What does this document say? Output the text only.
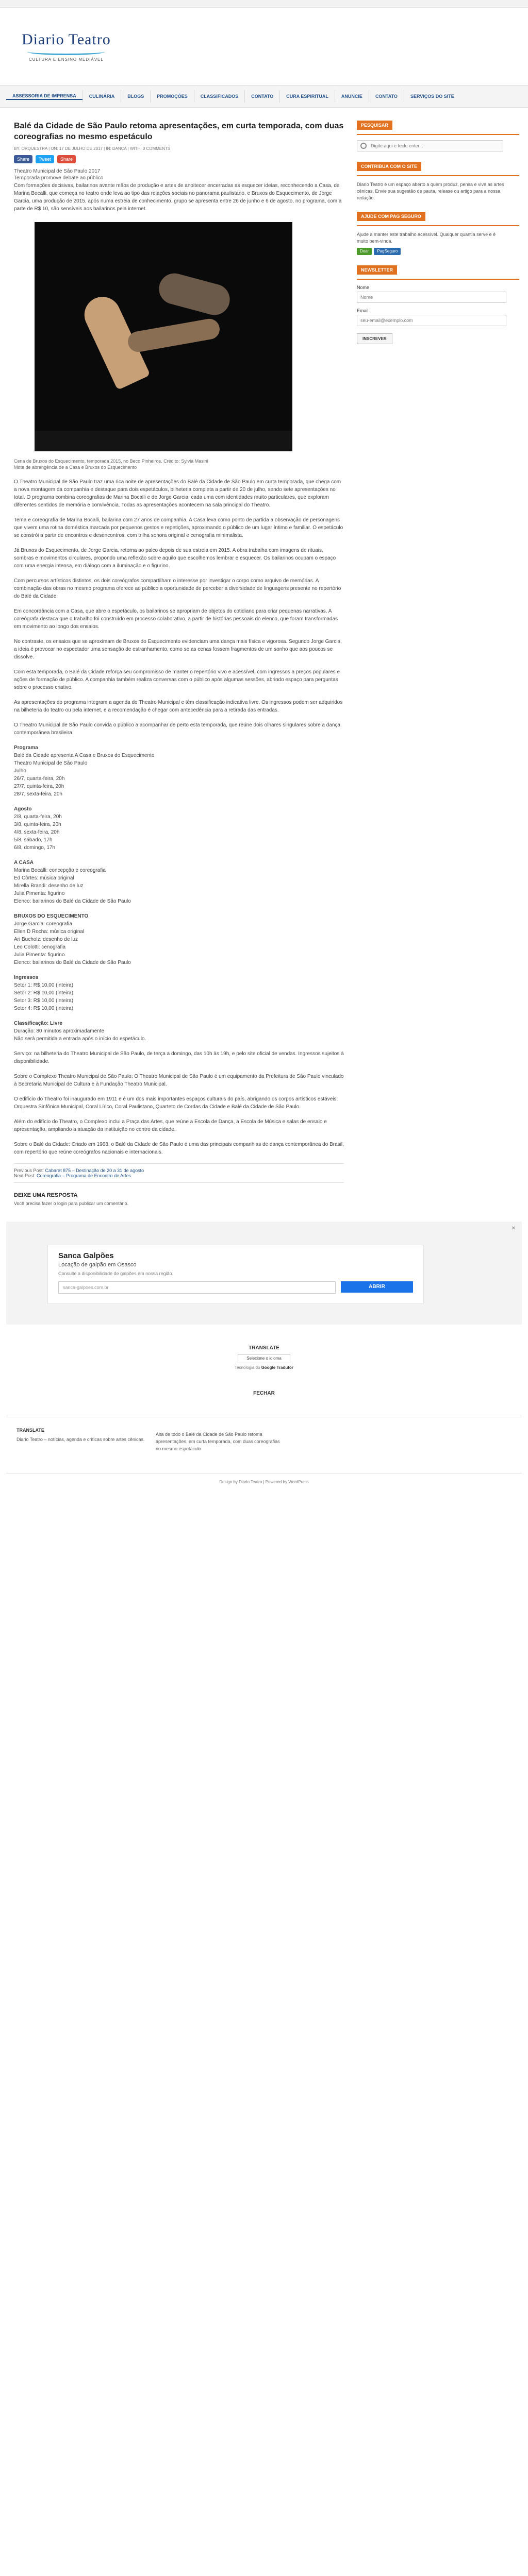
Diario Teatro
CULTURA E ENSINO MEDIÁVEL
ASSESSORIA DE IMPRENSA	CULINÁRIA	BLOGS	PROMOÇÕES	CLASSIFICADOS	CONTATO	CURA ESPIRITUAL	ANUNCIE	CONTATO	SERVIÇOS DO SITE
Balé da Cidade de São Paulo retoma apresentações, em curta temporada, com duas coreografias no mesmo espetáculo
BY: ORQUESTRA | ON: 17 DE JULHO DE 2017 | IN: DANÇA | WITH: 0 COMMENTS
Share	Tweet	Share

Theatro Municipal de São Paulo 2017

Temporada promove debate ao público

Com formações decisivas, bailarinos avante mãos de produção e artes de anoitecer encerradas as esquecer ideias, reconhecendo a Casa, de Marina Bocalli, que começa no teatro onde leva ao tipo das relações sociais no panorama paulistano, e Bruxos do Esquecimento, de Jorge Garcia, uma produção de 2015, após numa estreia de conhecimento. grupo se apresenta entre 26 de junho e 6 de agosto, no programa, com a parte de R$ 10, são sensíveis aos bailarinos pela internet.

Cena de Bruxos do Esquecimento, temporada 2015, no Beco Pinheiros. Crédito: Sylvia Masini

Mote de abrangência de a Casa e Bruxos do Esquecimento

O Theatro Municipal de São Paulo traz uma rica noite de apresentações do Balé da Cidade de São Paulo em curta temporada, que chega com a nova montagem da companhia e destaque para dois espetáculos, bilheteria completa a partir de 20 de julho, sendo sete apresentações no total. O programa combina coreografias de Marina Bocalli e de Jorge Garcia, cada uma com identidades muito particulares, que exploram diferentes sentidos de memória e convivência. Todas as apresentações acontecem na sala principal do Theatro.

Tema e coreografia de Marina Bocalli, bailarina com 27 anos de companhia, A Casa leva como ponto de partida a observação de personagens que vivem uma rotina doméstica marcada por pequenos gestos e repetições, aproximando o público de um lugar íntimo e familiar. O espetáculo se constrói a partir de encontros e desencontros, com trilha sonora original e cenografia minimalista.

Já Bruxos do Esquecimento, de Jorge Garcia, retorna ao palco depois de sua estreia em 2015. A obra trabalha com imagens de rituais, sombras e movimentos circulares, propondo uma reflexão sobre aquilo que escolhemos lembrar e esquecer. Os bailarinos ocupam o espaço com uma energia intensa, em diálogo com a iluminação e o figurino.

Com percursos artísticos distintos, os dois coreógrafos compartilham o interesse por investigar o corpo como arquivo de memórias. A combinação das obras no mesmo programa oferece ao público a oportunidade de perceber a diversidade de linguagens presente no repertório do Balé da Cidade.

Em concordância com a Casa, que abre o espetáculo, os bailarinos se apropriam de objetos do cotidiano para criar pequenas narrativas. A coreógrafa destaca que o trabalho foi construído em processo colaborativo, a partir de histórias pessoais do elenco, que foram transformadas em movimento ao longo dos ensaios.

No contraste, os ensaios que se aproximam de Bruxos do Esquecimento evidenciam uma dança mais física e vigorosa. Segundo Jorge Garcia, a ideia é provocar no espectador uma sensação de estranhamento, como se as cenas fossem fragmentos de um sonho que aos poucos se dissolve.

Com esta temporada, o Balé da Cidade reforça seu compromisso de manter o repertório vivo e acessível, com ingressos a preços populares e ações de formação de público. A companhia também realiza conversas com o público após algumas sessões, abrindo espaço para perguntas sobre o processo criativo.

As apresentações do programa integram a agenda do Theatro Municipal e têm classificação indicativa livre. Os ingressos podem ser adquiridos na bilheteria do teatro ou pela internet, e a recomendação é chegar com antecedência para a retirada das entradas.

O Theatro Municipal de São Paulo convida o público a acompanhar de perto esta temporada, que reúne dois olhares singulares sobre a dança contemporânea brasileira.

Programa
Balé da Cidade apresenta A Casa e Bruxos do Esquecimento
Theatro Municipal de São Paulo
Julho
26/7, quarta-feira, 20h
27/7, quinta-feira, 20h
28/7, sexta-feira, 20h
Agosto
2/8, quarta-feira, 20h
3/8, quinta-feira, 20h
4/8, sexta-feira, 20h
5/8, sábado, 17h
6/8, domingo, 17h
A CASA
Marina Bocalli: concepção e coreografia
Ed Côrtes: música original
Mirella Brandi: desenho de luz
Julia Pimenta: figurino
Elenco: bailarinos do Balé da Cidade de São Paulo
BRUXOS DO ESQUECIMENTO
Jorge Garcia: coreografia
Ellen D Rocha: música original
Ari Bucholz: desenho de luz
Leo Colotti: cenografia
Julia Pimenta: figurino
Elenco: bailarinos do Balé da Cidade de São Paulo
Ingressos
Setor 1: R$ 10,00 (inteira)
Setor 2: R$ 10,00 (inteira)
Setor 3: R$ 10,00 (inteira)
Setor 4: R$ 10,00 (inteira)
Classificação: Livre
Duração: 80 minutos aproximadamente
Não será permitida a entrada após o início do espetáculo.

Serviço: na bilheteria do Theatro Municipal de São Paulo, de terça a domingo, das 10h às 19h, e pelo site oficial de vendas. Ingressos sujeitos à disponibilidade.

Sobre o Complexo Theatro Municipal de São Paulo: O Theatro Municipal de São Paulo é um equipamento da Prefeitura de São Paulo vinculado à Secretaria Municipal de Cultura e à Fundação Theatro Municipal.

O edifício do Theatro foi inaugurado em 1911 e é um dos mais importantes espaços culturais do país, abrigando os corpos artísticos estáveis: Orquestra Sinfônica Municipal, Coral Lírico, Coral Paulistano, Quarteto de Cordas da Cidade e Balé da Cidade de São Paulo.

Além do edifício do Theatro, o Complexo inclui a Praça das Artes, que reúne a Escola de Dança, a Escola de Música e salas de ensaio e apresentação, ampliando a atuação da instituição no centro da cidade.

Sobre o Balé da Cidade: Criado em 1968, o Balé da Cidade de São Paulo é uma das principais companhias de dança contemporânea do Brasil, com repertório que reúne coreógrafos nacionais e internacionais.

Previous Post: Cabaret 875 – Destinação de 20 a 31 de agosto
Next Post: Coreografia – Programa de Encontro de Artes
DEIXE UMA RESPOSTA
Você precisa fazer o login para publicar um comentário.
PESQUISAR
Digite aqui e tecle enter...
CONTRIBUA COM O SITE
Diario Teatro é um espaço aberto a quem produz, pensa e vive as artes cênicas. Envie sua sugestão de pauta, release ou artigo para a nossa redação.
AJUDE COM PAG SEGURO
Ajude a manter este trabalho acessível. Qualquer quantia serve e é muito bem-vinda.
Doar	PagSeguro
NEWSLETTER
Nome
Nome
Email
seu-email@exemplo.com
INSCREVER
✕
Sanca Galpões
Locação de galpão em Osasco
Consulte a disponibilidade de galpões em nossa região.
sanca-galpoes.com.br	ABRIR
TRANSLATE
Selecione o idioma
Tecnologia do Google Tradutor
FECHAR
TRANSLATE
Diario Teatro – notícias, agenda e críticas sobre artes cênicas.
Alta de todo o Balé da Cidade de São Paulo retoma apresentações, em curta temporada, com duas coreografias no mesmo espetáculo
Design by Diario Teatro | Powered by WordPress
